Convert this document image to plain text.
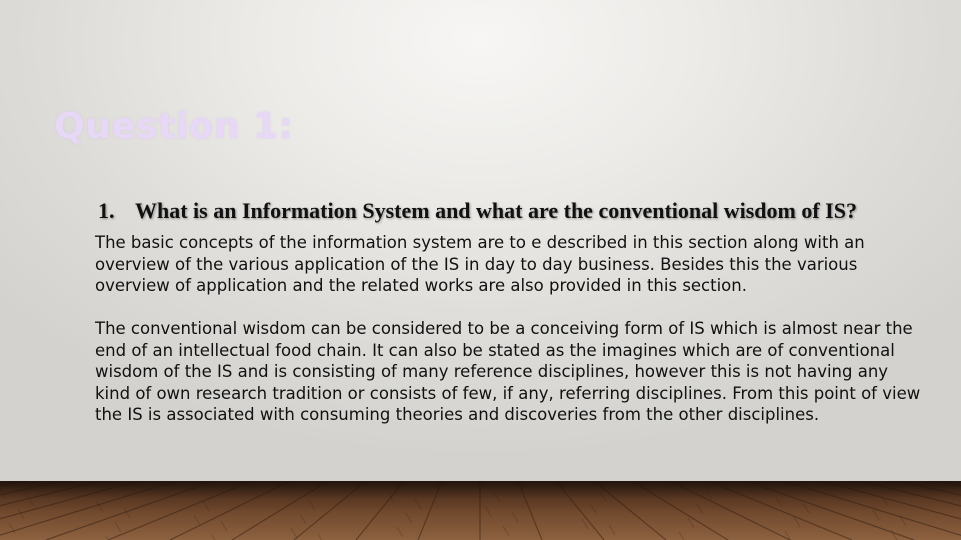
Question 1:
1. What is an Information System and what are the conventional wisdom of IS?

The basic concepts of the information system are to e described in this section along with an overview of the various application of the IS in day to day business. Besides this the various overview of application and the related works are also provided in this section.

The conventional wisdom can be considered to be a conceiving form of IS which is almost near the end of an intellectual food chain. It can also be stated as the imagines which are of conventional wisdom of the IS and is consisting of many reference disciplines, however this is not having any kind of own research tradition or consists of few, if any, referring disciplines. From this point of view the IS is associated with consuming theories and discoveries from the other disciplines.
